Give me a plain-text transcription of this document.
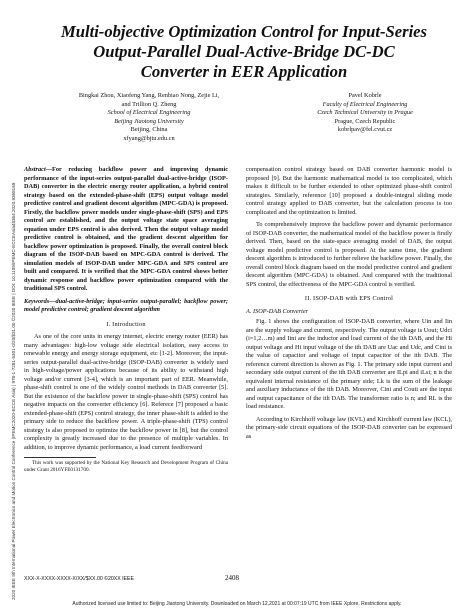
2020 IEEE 9th International Power Electronics and Motion Control Conference (IPEMC2020-ECCE Asia) | 978-1-7281-5301-0/20/$31.00 ©2020 IEEE | DOI: 10.1109/IPEMC-ECCEAsia48364.2020.9368169
Multi-objective Optimization Control for Input-Series
Output-Parallel Dual-Active-Bridge DC-DC
Converter in EER Application
Bingkai Zhou, Xiaofeng Yang, Renbiao Nong, Zejie Li,
and Trillion Q. Zheng
School of Electrical Engineering
Beijing Jiaotong University
Beijing, China
xfyang@bjtu.edu.cn
Pavel Kobrle
Faculty of Electrical Engineering
Czech Technical University in Prague
Prague, Czech Republic
kobrlpav@fel.cvut.cz
Abstract—For reducing backflow power and improving dynamic performance of the input-series output-parallel dual-active-bridge (ISOP-DAB) converter in the electric energy router application, a hybrid control strategy based on the extended-phase-shift (EPS) output voltage model predictive control and gradient descent algorithm (MPC-GDA) is proposed. Firstly, the backflow power models under single-phase-shift (SPS) and EPS control are established, and the output voltage state space averaging equation under EPS control is also derived. Then the output voltage model predictive control is obtained, and the gradient descent algorithm for backflow power optimization is proposed. Finally, the overall control block diagram of the ISOP-DAB based on MPC-GDA control is derived. The simulation models of ISOP-DAB under MPC-GDA and SPS control are built and compared. It is verified that the MPC-GDA control shows better dynamic response and backflow power optimization compared with the traditional SPS control.
Keywords—dual-active-bridge; input-series output-parallel; backflow power; model predictive control; gradient descent algorithm
I. Introduction
As one of the core units in energy internet, electric energy router (EER) has many advantages: high-low voltage side electrical isolation, easy access to renewable energy and energy storage equipment, etc [1-2]. Moreover, the input-series output-parallel dual-active-bridge (ISOP-DAB) converter is widely used in high-voltage/power applications because of its ability to withstand high voltage and/or current [3-4], which is an important part of EER. Meanwhile, phase-shift control is one of the widely control methods in DAB converter [5]. But the existence of the backflow power in single-phase-shift (SPS) control has negative impacts on the converter efficiency [6]. Referece [7] proposed a basic extended-phase-shift (EPS) control strategy, the inner phase-shift is added to the primary side to reduce the backflow power. A triple-phase-shift (TPS) control strategy is also proposed to optimize the backflow power in [8], but the control complexity is greatly increased due to the presence of multiple variables. In addition, to improve dynamic performance, a load current feedforward
This work was supported by the National Key Research and Development Program of China under Grant 2016YFE0131700.
compensation control strategy based on DAB converter harmonic model is proposed [9]. But the harmonic mathematical model is too complicated, which makes it difficult to be further extended to other optimized phase-shift control strategies. Similarly, reference [10] proposed a double-integral sliding mode control strategy applied to DAB converter, but the calculation process is too complicated and the optimization is limited.
To comprehensively improve the backflow power and dynamic performance of ISOP-DAB converter, the mathematical model of the backflow power is firstly derived. Then, based on the state-space averaging model of DAB, the output voltage model predictive control is proposed. At the same time, the gradient descent algorithm is introduced to further relieve the backflow power. Finally, the overall control block diagram based on the model predictive control and gradient descent algorithm (MPC-GDA) is obtained. And compared with the traditional SPS control, the effectiveness of the MPC-GDA control is verified.
II. ISOP-DAB with EPS Control
A. ISOP-DAB Converter
Fig. 1 shows the configuration of ISOP-DAB converter, where Uin and Iin are the supply voltage and current, respectively. The output voltage is Uout; Udci (i=1,2…m) and Iini are the inductor and load current of the ith DAB, and the Hi output voltage and Hi input voltage of the ith DAB are Uac and Udc, and Cini is the value of capacitor and voltage of input capacitor of the ith DAB. The reference current direction is shown as Fig. 1. The primary side input current and secondary side output current of the ith DAB converter are ILpi and iLsi; n is the equivalent internal resistance of the primary side; Lk is the sum of the leakage and auxiliary inductance of the ith DAB. Moreover, Cini and Couti are the input and output capacitance of the ith DAB. The transformer ratio is n; and RL is the load resistance.
According to Kirchhoff voltage law (KVL) and Kirchhoff current law (KCL), the primary-side circuit equations of the ISOP-DAB converter can be expressed as
XXX-X-XXXX-XXXX-X/XX/$XX.00 ©20XX IEEE	2408
Authorized licensed use limited to: Beijing Jiaotong University. Downloaded on March 12,2021 at 00:07:19 UTC from IEEE Xplore. Restrictions apply.
